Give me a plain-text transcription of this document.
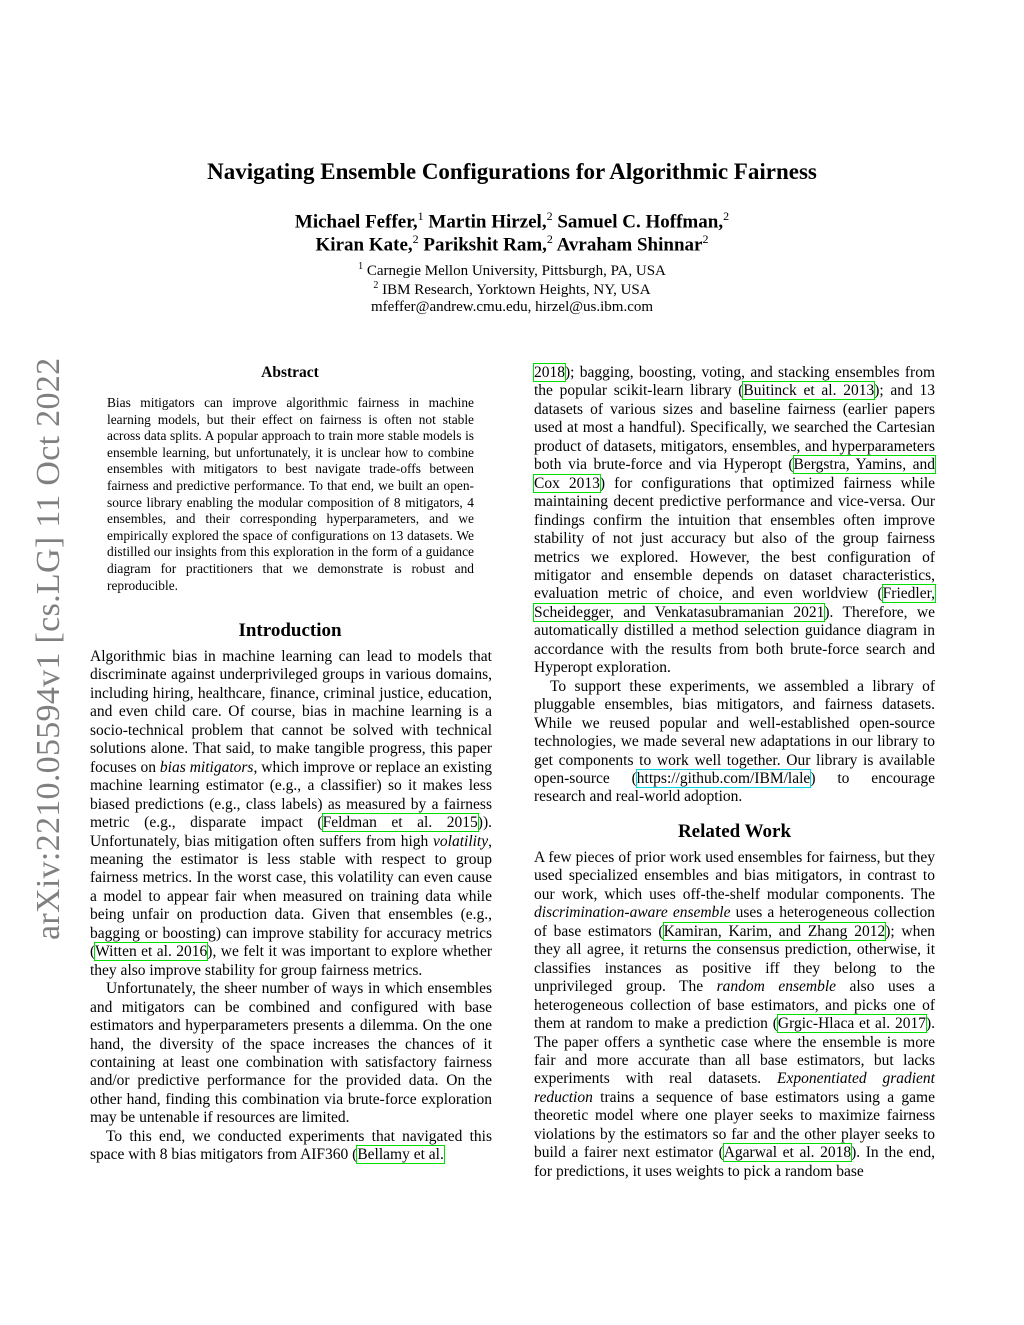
arXiv:2210.05594v1 [cs.LG] 11 Oct 2022
Navigating Ensemble Configurations for Algorithmic Fairness
Michael Feffer,$^1$ Martin Hirzel,$^2$ Samuel C. Hoffman,$^2$
Kiran Kate,$^2$ Parikshit Ram,$^2$ Avraham Shinnar$^2$
$^1$ Carnegie Mellon University, Pittsburgh, PA, USA
$^2$ IBM Research, Yorktown Heights, NY, USA
mfeffer@andrew.cmu.edu, hirzel@us.ibm.com
Abstract
Bias mitigators can improve algorithmic fairness in machine learning models, but their effect on fairness is often not stable across data splits. A popular approach to train more stable models is ensemble learning, but unfortunately, it is unclear how to combine ensembles with mitigators to best navigate trade-offs between fairness and predictive performance. To that end, we built an open-source library enabling the modular composition of 8 mitigators, 4 ensembles, and their corresponding hyperparameters, and we empirically explored the space of configurations on 13 datasets. We distilled our insights from this exploration in the form of a guidance diagram for practitioners that we demonstrate is robust and reproducible.
Introduction

Algorithmic bias in machine learning can lead to models that discriminate against underprivileged groups in various domains, including hiring, healthcare, finance, criminal justice, education, and even child care. Of course, bias in machine learning is a socio-technical problem that cannot be solved with technical solutions alone. That said, to make tangible progress, this paper focuses on bias mitigators, which improve or replace an existing machine learning estimator (e.g., a classifier) so it makes less biased predictions (e.g., class labels) as measured by a fairness metric (e.g., disparate impact (Feldman et al. 2015)). Unfortunately, bias mitigation often suffers from high volatility, meaning the estimator is less stable with respect to group fairness metrics. In the worst case, this volatility can even cause a model to appear fair when measured on training data while being unfair on production data. Given that ensembles (e.g., bagging or boosting) can improve stability for accuracy metrics (Witten et al. 2016), we felt it was important to explore whether they also improve stability for group fairness metrics.

Unfortunately, the sheer number of ways in which ensembles and mitigators can be combined and configured with base estimators and hyperparameters presents a dilemma. On the one hand, the diversity of the space increases the chances of it containing at least one combination with satisfactory fairness and/or predictive performance for the provided data. On the other hand, finding this combination via brute-force exploration may be untenable if resources are limited.

To this end, we conducted experiments that navigated this space with 8 bias mitigators from AIF360 (Bellamy et al.

2018); bagging, boosting, voting, and stacking ensembles from the popular scikit-learn library (Buitinck et al. 2013); and 13 datasets of various sizes and baseline fairness (earlier papers used at most a handful). Specifically, we searched the Cartesian product of datasets, mitigators, ensembles, and hyperparameters both via brute-force and via Hyperopt (Bergstra, Yamins, and Cox 2013) for configurations that optimized fairness while maintaining decent predictive performance and vice-versa. Our findings confirm the intuition that ensembles often improve stability of not just accuracy but also of the group fairness metrics we explored. However, the best configuration of mitigator and ensemble depends on dataset characteristics, evaluation metric of choice, and even worldview (Friedler, Scheidegger, and Venkatasubramanian 2021). Therefore, we automatically distilled a method selection guidance diagram in accordance with the results from both brute-force search and Hyperopt exploration.

To support these experiments, we assembled a library of pluggable ensembles, bias mitigators, and fairness datasets. While we reused popular and well-established open-source technologies, we made several new adaptations in our library to get components to work well together. Our library is available open-source (https://github.com/IBM/lale) to encourage research and real-world adoption.

Related Work

A few pieces of prior work used ensembles for fairness, but they used specialized ensembles and bias mitigators, in contrast to our work, which uses off-the-shelf modular components. The discrimination-aware ensemble uses a heterogeneous collection of base estimators (Kamiran, Karim, and Zhang 2012); when they all agree, it returns the consensus prediction, otherwise, it classifies instances as positive iff they belong to the unprivileged group. The random ensemble also uses a heterogeneous collection of base estimators, and picks one of them at random to make a prediction (Grgic-Hlaca et al. 2017). The paper offers a synthetic case where the ensemble is more fair and more accurate than all base estimators, but lacks experiments with real datasets. Exponentiated gradient reduction trains a sequence of base estimators using a game theoretic model where one player seeks to maximize fairness violations by the estimators so far and the other player seeks to build a fairer next estimator (Agarwal et al. 2018). In the end, for predictions, it uses weights to pick a random base
